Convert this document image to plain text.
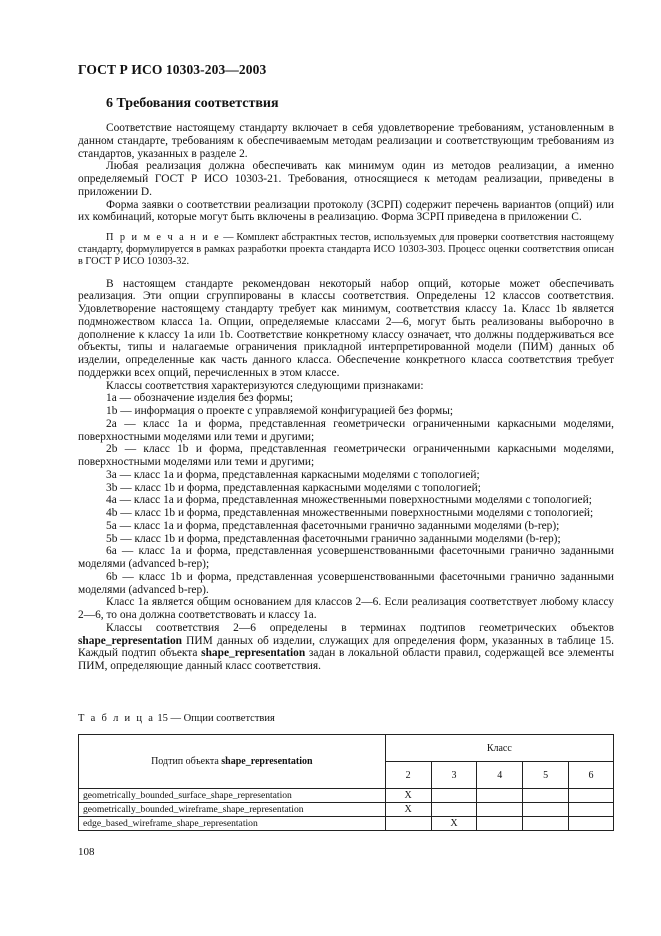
ГОСТ Р ИСО 10303-203—2003
6 Требования соответствия

Соответствие настоящему стандарту включает в себя удовлетворение требованиям, установленным в данном стандарте, требованиям к обеспечиваемым методам реализации и соответствующим требованиям из стандартов, указанных в разделе 2.

Любая реализация должна обеспечивать как минимум один из методов реализации, а именно определяемый ГОСТ Р ИСО 10303-21. Требования, относящиеся к методам реализации, приведены в приложении D.

Форма заявки о соответствии реализации протоколу (ЗСРП) содержит перечень вариантов (опций) или их комбинаций, которые могут быть включены в реализацию. Форма ЗСРП приведена в приложении С.

П р и м е ч а н и е — Комплект абстрактных тестов, используемых для проверки соответствия настоящему стандарту, формулируется в рамках разработки проекта стандарта ИСО 10303-303. Процесс оценки соответствия описан в ГОСТ Р ИСО 10303-32.

В настоящем стандарте рекомендован некоторый набор опций, которые может обеспечивать реализация. Эти опции сгруппированы в классы соответствия. Определены 12 классов соответствия. Удовлетворение настоящему стандарту требует как минимум, соответствия классу 1а. Класс 1b является подмножеством класса 1а. Опции, определяемые классами 2—6, могут быть реализованы выборочно в дополнение к классу 1а или 1b. Соответствие конкретному классу означает, что должны поддерживаться все объекты, типы и налагаемые ограничения прикладной интерпретированной модели (ПИМ) данных об изделии, определенные как часть данного класса. Обеспечение конкретного класса соответствия требует поддержки всех опций, перечисленных в этом классе.

Классы соответствия характеризуются следующими признаками:

1а — обозначение изделия без формы;

1b — информация о проекте с управляемой конфигурацией без формы;

2а — класс 1а и форма, представленная геометрически ограниченными каркасными моделями, поверхностными моделями или теми и другими;

2b — класс 1b и форма, представленная геометрически ограниченными каркасными моделями, поверхностными моделями или теми и другими;

3а — класс 1а и форма, представленная каркасными моделями с топологией;

3b — класс 1b и форма, представленная каркасными моделями с топологией;

4а — класс 1а и форма, представленная множественными поверхностными моделями с топологией;

4b — класс 1b и форма, представленная множественными поверхностными моделями с топологией;

5а — класс 1а и форма, представленная фасеточными гранично заданными моделями (b-rep);

5b — класс 1b и форма, представленная фасеточными гранично заданными моделями (b-rep);

6а — класс 1а и форма, представленная усовершенствованными фасеточными гранично заданными моделями (advanced b-rep);

6b — класс 1b и форма, представленная усовершенствованными фасеточными гранично заданными моделями (advanced b-rep).

Класс 1а является общим основанием для классов 2—6. Если реализация соответствует любому классу 2—6, то она должна соответствовать и классу 1а.

Классы соответствия 2—6 определены в терминах подтипов геометрических объектов shape_representation ПИМ данных об изделии, служащих для определения форм, указанных в таблице 15. Каждый подтип объекта shape_representation задан в локальной области правил, содержащей все элементы ПИМ, определяющие данный класс соответствия.

Т а б л и ц а 15 — Опции соответствия
Подтип объекта shape_representation	Класс				
	2	3	4	5	6
geometrically_bounded_surface_shape_representation	X				
geometrically_bounded_wireframe_shape_representation	X				
edge_based_wireframe_shape_representation		X			
108
